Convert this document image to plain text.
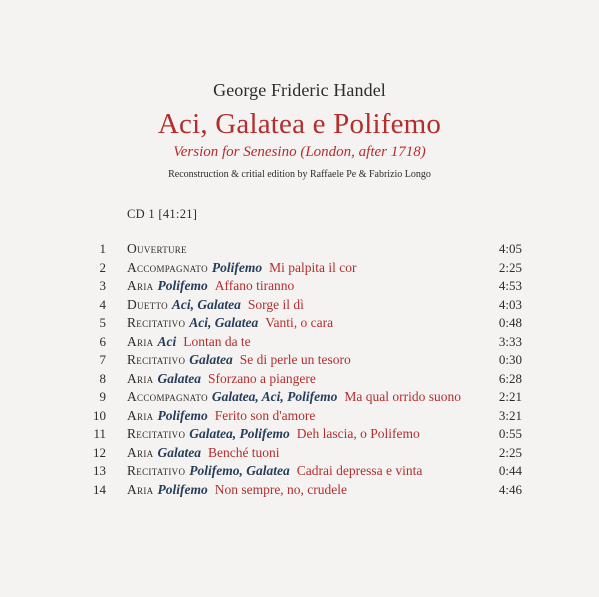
George Frideric Handel
Aci, Galatea e Polifemo
Version for Senesino (London, after 1718)
Reconstruction & critial edition by Raffaele Pe & Fabrizio Longo
CD 1 [41:21]
1 Ouverture	4:05
2 Accompagnato Polifemo Mi palpita il cor	2:25
3 Aria Polifemo Affano tiranno	4:53
4 Duetto Aci, Galatea Sorge il dì	4:03
5 Recitativo Aci, Galatea Vanti, o cara	0:48
6 Aria Aci Lontan da te	3:33
7 Recitativo Galatea Se di perle un tesoro	0:30
8 Aria Galatea Sforzano a piangere	6:28
9 Accompagnato Galatea, Aci, Polifemo Ma qual orrido suono	2:21
10 Aria Polifemo Ferito son d'amore	3:21
11 Recitativo Galatea, Polifemo Deh lascia, o Polifemo	0:55
12 Aria Galatea Benché tuoni	2:25
13 Recitativo Polifemo, Galatea Cadrai depressa e vinta	0:44
14 Aria Polifemo Non sempre, no, crudele	4:46
